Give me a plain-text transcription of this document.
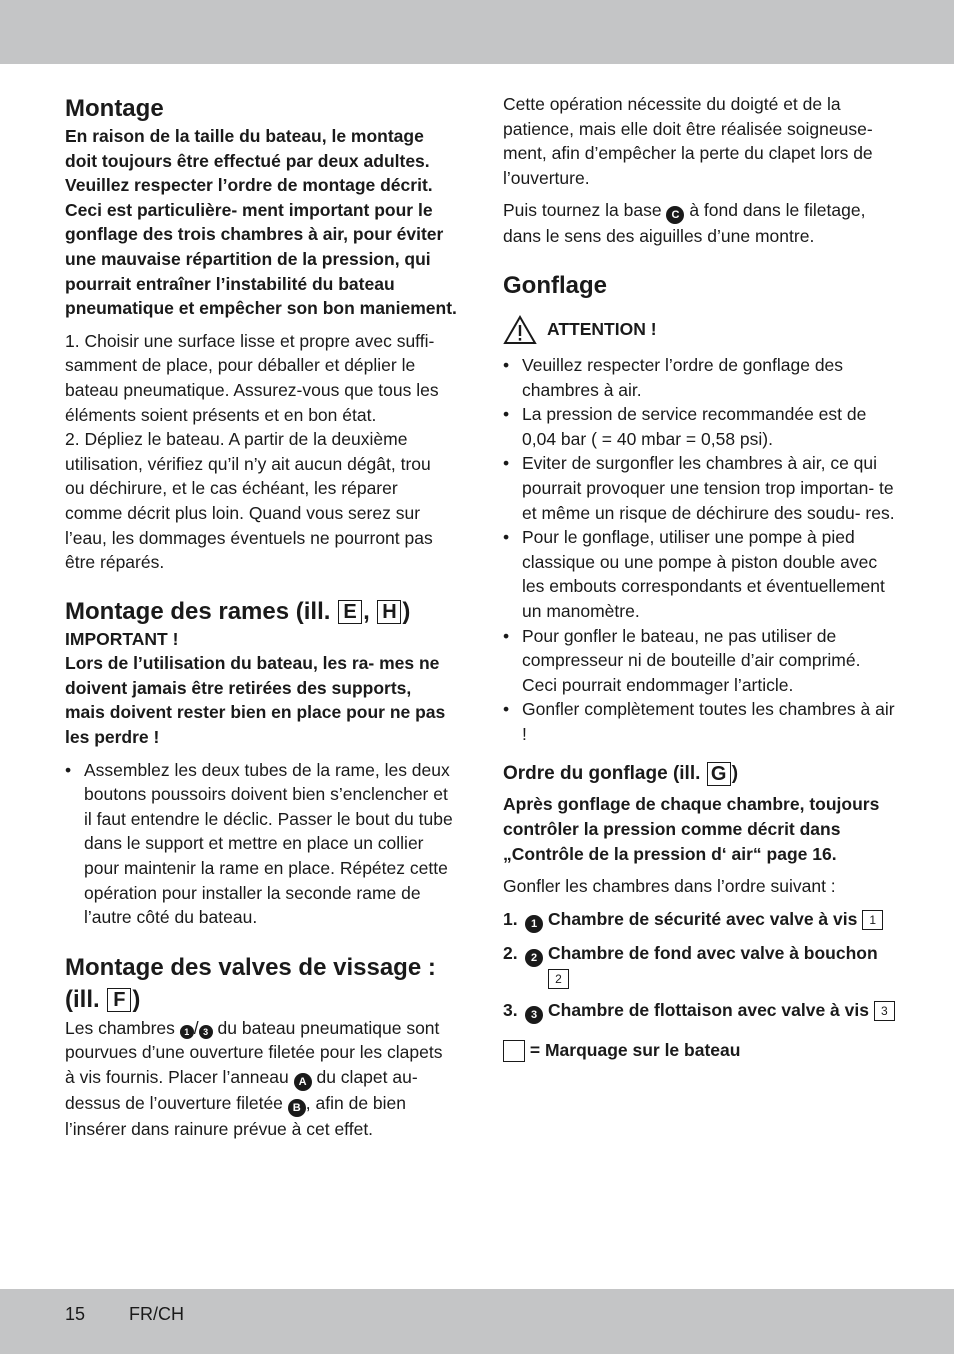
Montage
En raison de la taille du bateau, le montage doit toujours être effectué par deux adultes. Veuillez respecter l’ordre de montage décrit. Ceci est particulière- ment important pour le gonflage des trois chambres à air, pour éviter une mauvaise répartition de la pression, qui pourrait entraîner l’instabilité du bateau pneumatique et empêcher son bon maniement.

1. Choisir une surface lisse et propre avec suffi- samment de place, pour déballer et déplier le bateau pneumatique. Assurez-vous que tous les éléments soient présents et en bon état.

2. Dépliez le bateau. A partir de la deuxième utilisation, vérifiez qu’il n’y ait aucun dégât, trou ou déchirure, et le cas échéant, les réparer comme décrit plus loin. Quand vous serez sur l’eau, les dommages éventuels ne pourront pas être réparés.

Montage des rames (ill. E , H )
IMPORTANT !
Lors de l’utilisation du bateau, les ra- mes ne doivent jamais être retirées des supports, mais doivent rester bien en place pour ne pas les perdre !
• Assemblez les deux tubes de la rame, les deux boutons poussoirs doivent bien s’enclencher et il faut entendre le déclic. Passer le bout du tube dans le support et mettre en place un collier pour maintenir la rame en place. Répétez cette opération pour installer la seconde rame de l’autre côté du bateau.
Montage des valves de vissage : (ill. F )

Les chambres 1 / 3 du bateau pneumatique sont pourvues d’une ouverture filetée pour les clapets à vis fournis. Placer l’anneau A du clapet au-dessus de l’ouverture filetée B , afin de bien l’insérer dans rainure prévue à cet effet.

Cette opération nécessite du doigté et de la patience, mais elle doit être réalisée soigneuse- ment, afin d’empêcher la perte du clapet lors de l’ouverture.

Puis tournez la base C à fond dans le filetage, dans le sens des aiguilles d’une montre.

Gonflage
ATTENTION !
• Veuillez respecter l’ordre de gonflage des chambres à air.
• La pression de service recommandée est de 0,04 bar ( = 40 mbar = 0,58 psi).
• Eviter de surgonfler les chambres à air, ce qui pourrait provoquer une tension trop importan- te et même un risque de déchirure des soudu- res.
• Pour le gonflage, utiliser une pompe à pied classique ou une pompe à piston double avec les embouts correspondants et éventuellement un manomètre.
• Pour gonfler le bateau, ne pas utiliser de compresseur ni de bouteille d’air comprimé. Ceci pourrait endommager l’article.
• Gonfler complètement toutes les chambres à air !
Ordre du gonflage (ill. G )
Après gonflage de chaque chambre, toujours contrôler la pression comme décrit dans „Contrôle de la pression d‘ air“ page 16.

Gonfler les chambres dans l’ordre suivant :

1.	1 Chambre de sécurité avec valve à vis 1
2.	2 Chambre de fond avec valve à bouchon 2
3.	3 Chambre de flottaison avec valve à vis 3
= Marquage sur le bateau
15 FR/CH
